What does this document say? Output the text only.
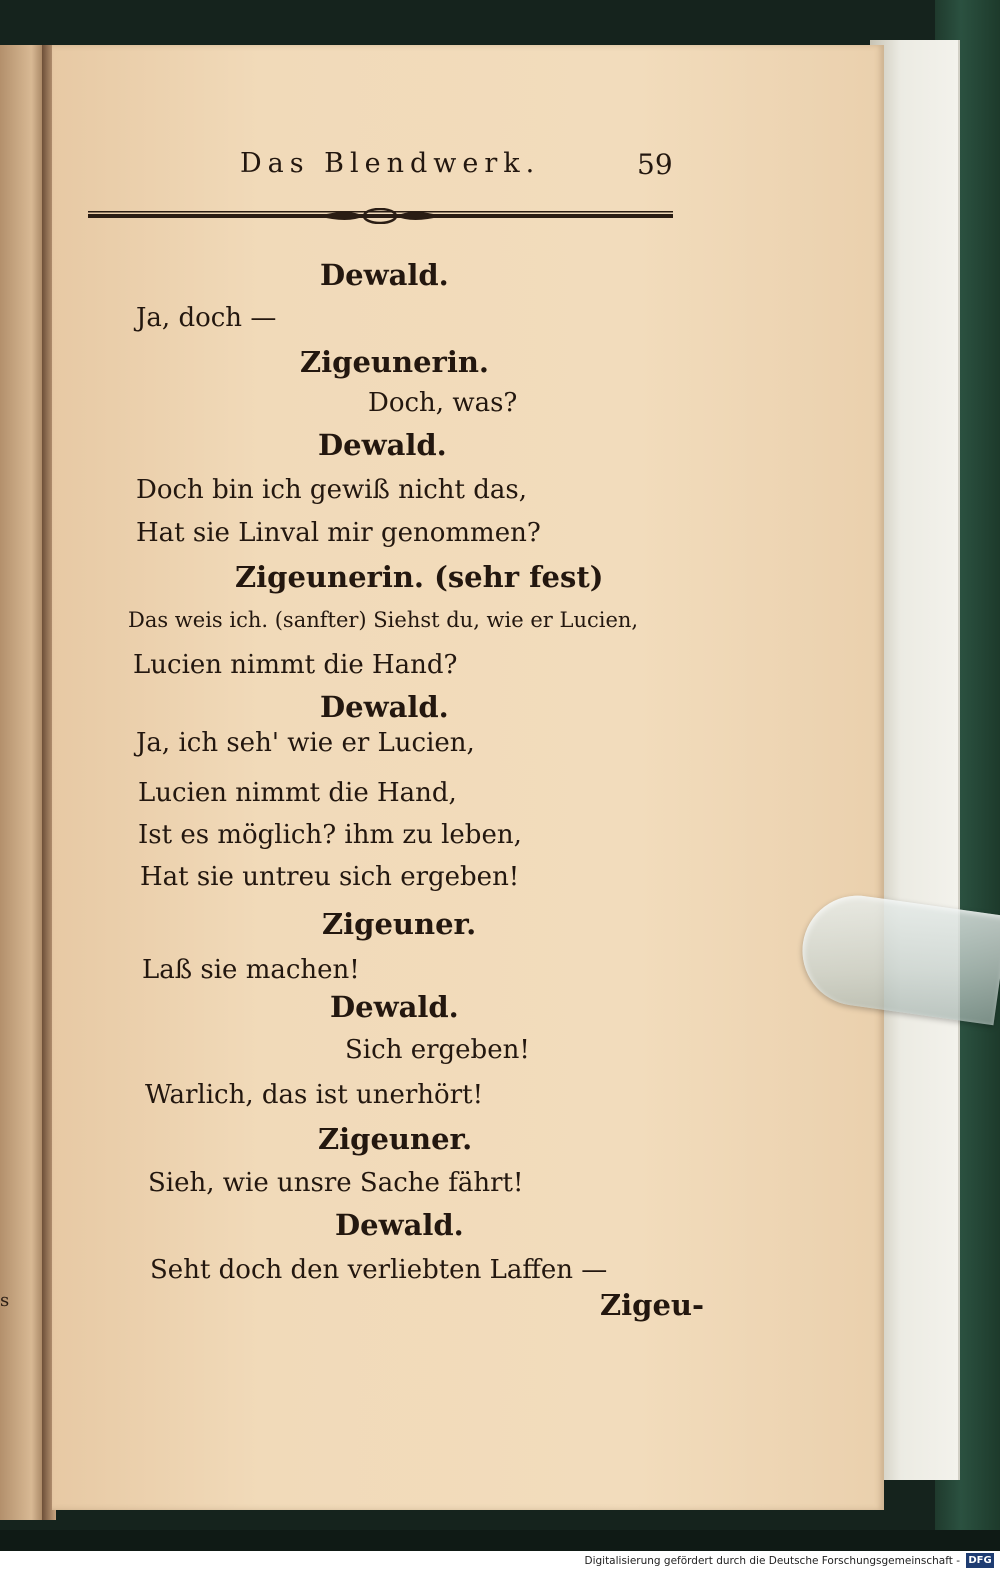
s
Das Blendwerk.	59
Dewald.
Ja, doch —
Zigeunerin.
Doch, was?
Dewald.
Doch bin ich gewiß nicht das,
Hat sie Linval mir genommen?
Zigeunerin. (sehr fest)
Das weis ich. (sanfter) Siehst du, wie er Lucien,
Lucien nimmt die Hand?
Dewald.
Ja, ich seh' wie er Lucien,
Lucien nimmt die Hand,
Ist es möglich? ihm zu leben,
Hat sie untreu sich ergeben!
Zigeuner.
Laß sie machen!
Dewald.
Sich ergeben!
Warlich, das ist unerhört!
Zigeuner.
Sieh, wie unsre Sache fährt!
Dewald.
Seht doch den verliebten Laffen —
Zigeu-
Digitalisierung gefördert durch die Deutsche Forschungsgemeinschaft - DFG
